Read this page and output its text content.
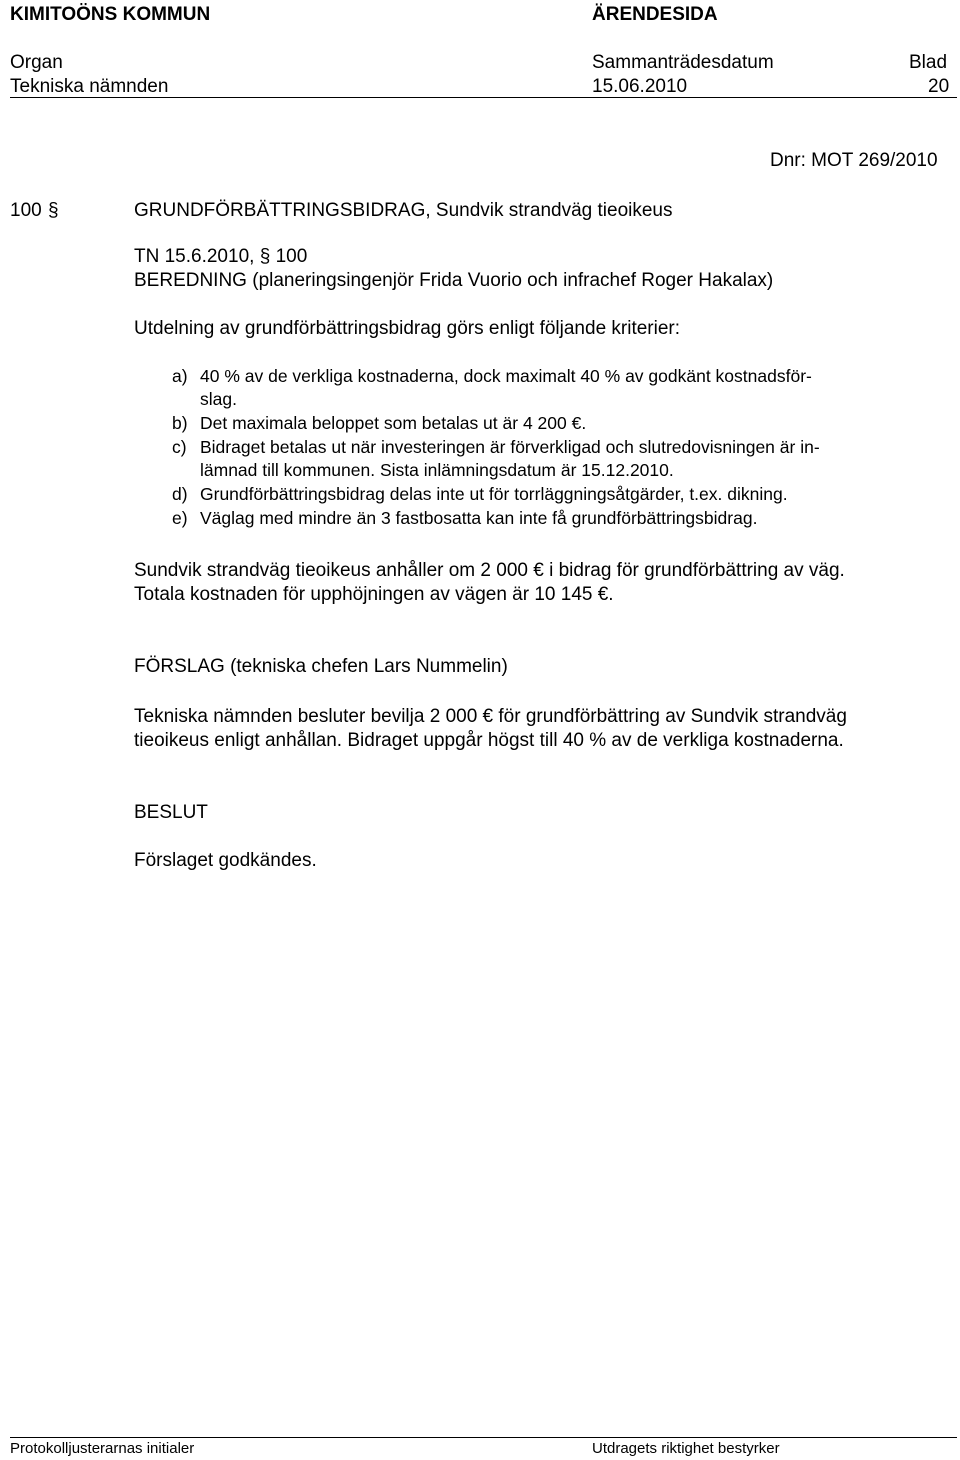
KIMITOÖNS KOMMUN	ÄRENDESIDA
Organ	Sammanträdesdatum	Blad
Tekniska nämnden	15.06.2010	20
Dnr: MOT 269/2010
100 §	GRUNDFÖRBÄTTRINGSBIDRAG, Sundvik strandväg tieoikeus
TN 15.6.2010, § 100
BEREDNING (planeringsingenjör Frida Vuorio och infrachef Roger Hakalax)
Utdelning av grundförbättringsbidrag görs enligt följande kriterier:
a) 40 % av de verkliga kostnaderna, dock maximalt 40 % av godkänt kostnadsför-
slag.
b) Det maximala beloppet som betalas ut är 4 200 €.
c) Bidraget betalas ut när investeringen är förverkligad och slutredovisningen är in-
lämnad till kommunen. Sista inlämningsdatum är 15.12.2010.
d) Grundförbättringsbidrag delas inte ut för torrläggningsåtgärder, t.ex. dikning.
e) Väglag med mindre än 3 fastbosatta kan inte få grundförbättringsbidrag.
Sundvik strandväg tieoikeus anhåller om 2 000 € i bidrag för grundförbättring av väg.
Totala kostnaden för upphöjningen av vägen är 10 145 €.
FÖRSLAG (tekniska chefen Lars Nummelin)
Tekniska nämnden besluter bevilja 2 000 € för grundförbättring av Sundvik strandväg
tieoikeus enligt anhållan. Bidraget uppgår högst till 40 % av de verkliga kostnaderna.
BESLUT
Förslaget godkändes.
Protokolljusterarnas initialer	Utdragets riktighet bestyrker
